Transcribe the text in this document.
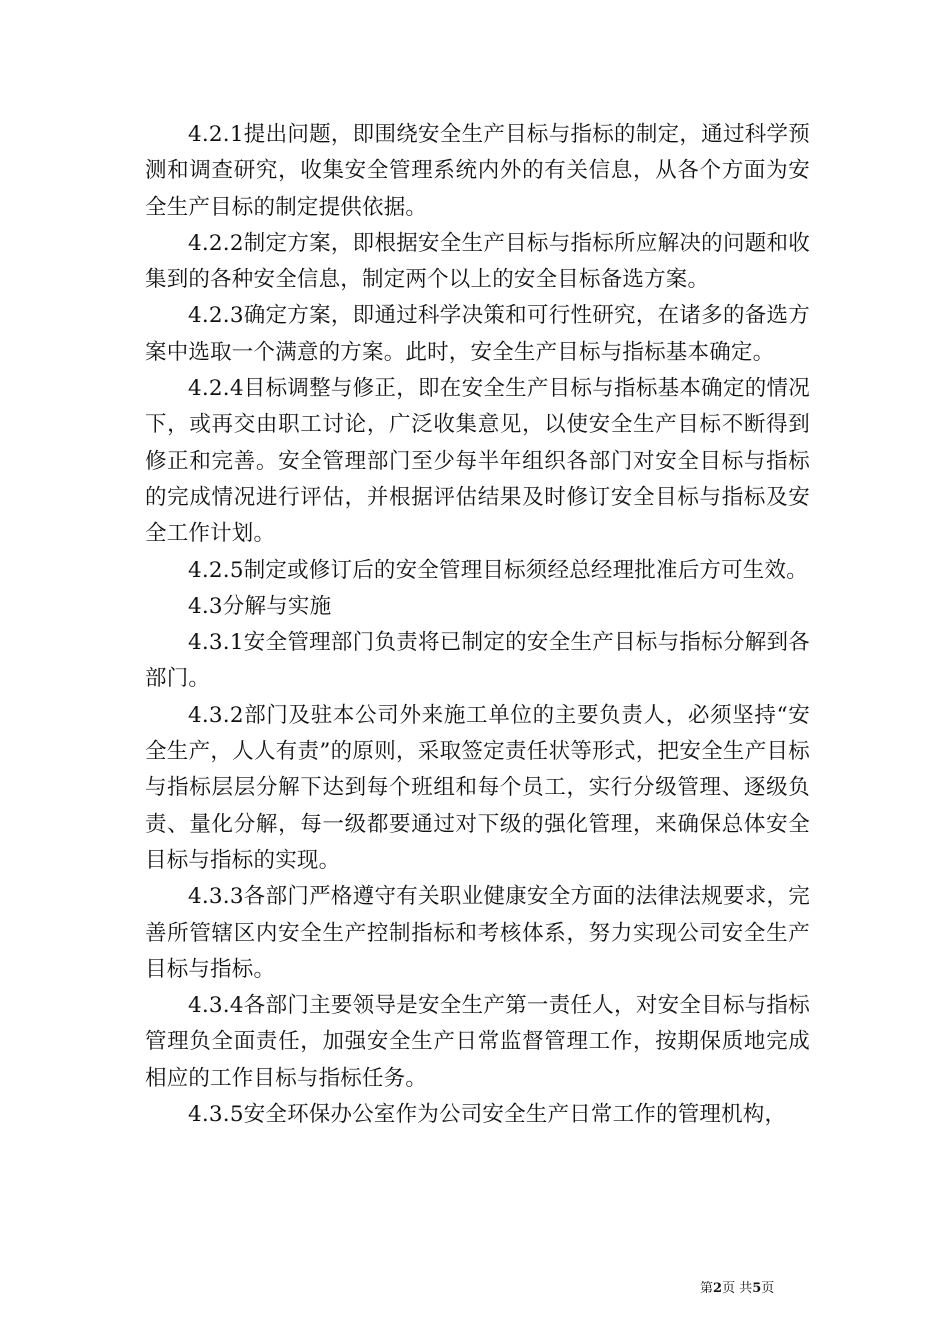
4.2.1提出问题，即围绕安全生产目标与指标的制定，通过科学预测和调查研究，收集安全管理系统内外的有关信息，从各个方面为安全生产目标的制定提供依据。

4.2.2制定方案，即根据安全生产目标与指标所应解决的问题和收集到的各种安全信息，制定两个以上的安全目标备选方案。

4.2.3确定方案，即通过科学决策和可行性研究，在诸多的备选方案中选取一个满意的方案。此时，安全生产目标与指标基本确定。

4.2.4目标调整与修正，即在安全生产目标与指标基本确定的情况下，或再交由职工讨论，广泛收集意见，以使安全生产目标不断得到修正和完善。安全管理部门至少每半年组织各部门对安全目标与指标的完成情况进行评估，并根据评估结果及时修订安全目标与指标及安全工作计划。

4.2.5制定或修订后的安全管理目标须经总经理批准后方可生效。

4.3分解与实施

4.3.1安全管理部门负责将已制定的安全生产目标与指标分解到各部门。

4.3.2部门及驻本公司外来施工单位的主要负责人，必须坚持“安全生产，人人有责”的原则，采取签定责任状等形式，把安全生产目标与指标层层分解下达到每个班组和每个员工，实行分级管理、逐级负责、量化分解，每一级都要通过对下级的强化管理，来确保总体安全目标与指标的实现。

4.3.3各部门严格遵守有关职业健康安全方面的法律法规要求，完善所管辖区内安全生产控制指标和考核体系，努力实现公司安全生产目标与指标。

4.3.4各部门主要领导是安全生产第一责任人，对安全目标与指标管理负全面责任，加强安全生产日常监督管理工作，按期保质地完成相应的工作目标与指标任务。

4.3.5安全环保办公室作为公司安全生产日常工作的管理机构，

第2页 共5页
